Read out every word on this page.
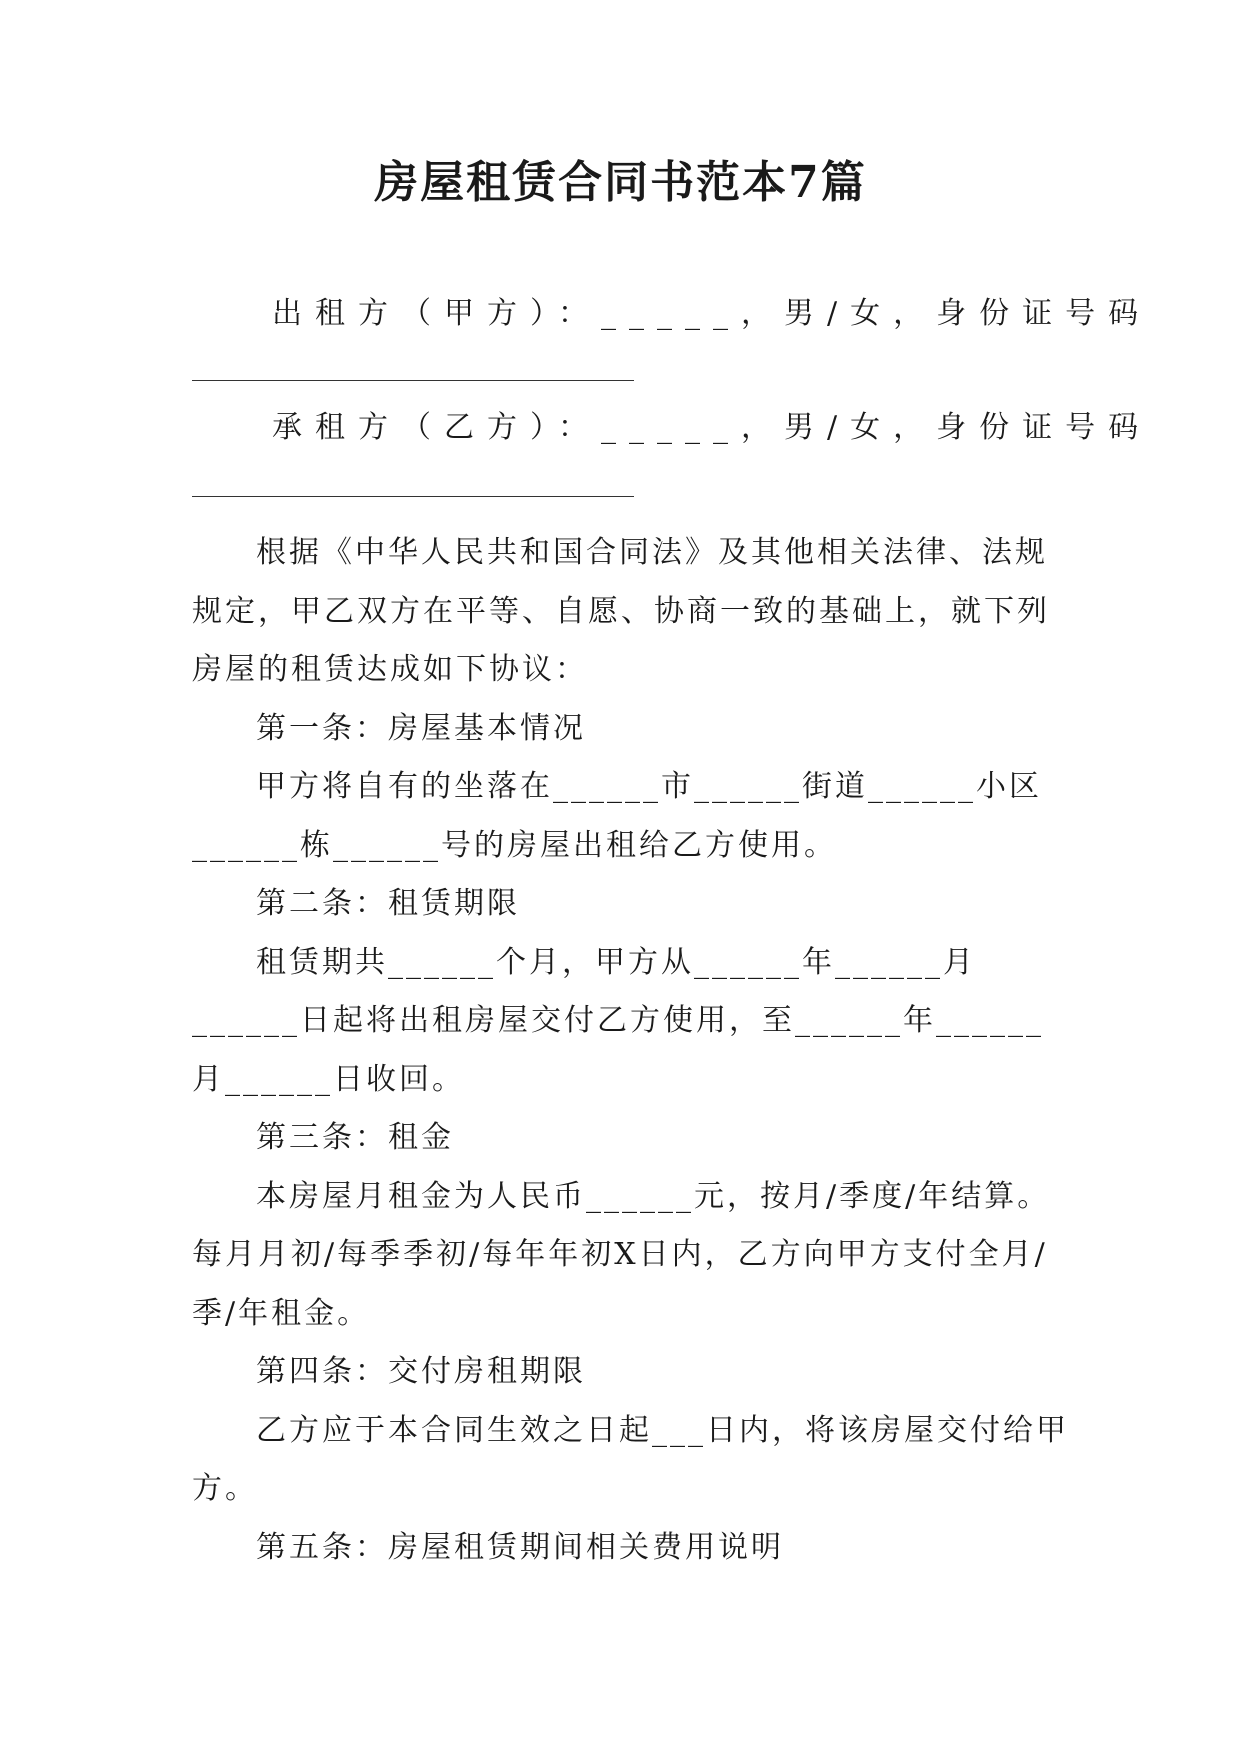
房屋租赁合同书范本7篇
出租方（甲方）：_____，男/女，身份证号码
承租方（乙方）：_____，男/女，身份证号码

根据《中华人民共和国合同法》及其他相关法律、法规规定，甲乙双方在平等、自愿、协商一致的基础上，就下列房屋的租赁达成如下协议：

第一条：房屋基本情况

甲方将自有的坐落在______市______街道______小区______栋______号的房屋出租给乙方使用。

第二条：租赁期限

租赁期共______个月，甲方从______年______月______日起将出租房屋交付乙方使用，至______年______月______日收回。

第三条：租金

本房屋月租金为人民币______元，按月/季度/年结算。每月月初/每季季初/每年年初X日内，乙方向甲方支付全月/季/年租金。

第四条：交付房租期限

乙方应于本合同生效之日起___日内，将该房屋交付给甲方。

第五条：房屋租赁期间相关费用说明
